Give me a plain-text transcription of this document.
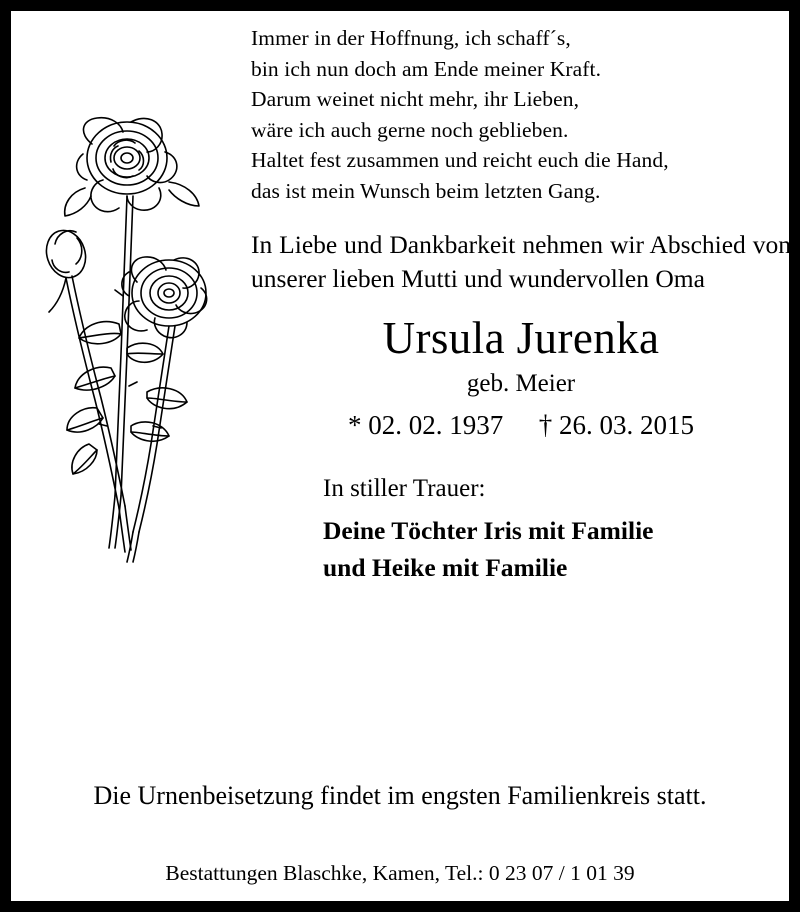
Immer in der Hoffnung, ich schaff´s,
bin ich nun doch am Ende meiner Kraft.
Darum weinet nicht mehr, ihr Lieben,
wäre ich auch gerne noch geblieben.
Haltet fest zusammen und reicht euch die Hand,
das ist mein Wunsch beim letzten Gang.
In Liebe und Dankbarkeit nehmen wir Abschied von unserer lieben Mutti und wundervollen Oma
Ursula Jurenka
geb. Meier
* 02. 02. 1937 † 26. 03. 2015
In stiller Trauer:
Deine Töchter Iris mit Familie
und Heike mit Familie
Die Urnenbeisetzung findet im engsten Familienkreis statt.
Bestattungen Blaschke, Kamen, Tel.: 0 23 07 / 1 01 39
